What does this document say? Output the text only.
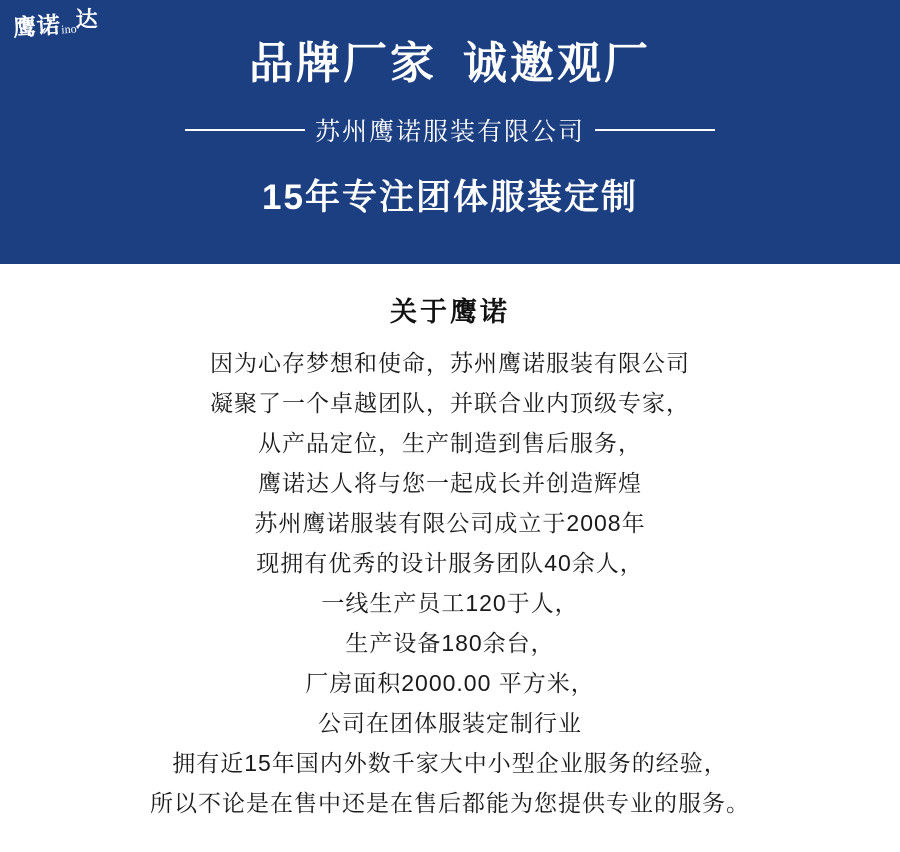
鹰诺ino达
品牌厂家 诚邀观厂
苏州鹰诺服装有限公司
15年专注团体服装定制
关于鹰诺
因为心存梦想和使命，苏州鹰诺服装有限公司
凝聚了一个卓越团队，并联合业内顶级专家，
从产品定位，生产制造到售后服务，
鹰诺达人将与您一起成长并创造辉煌
苏州鹰诺服装有限公司成立于2008年
现拥有优秀的设计服务团队40余人，
一线生产员工120于人，
生产设备180余台，
厂房面积2000.00 平方米，
公司在团体服装定制行业
拥有近15年国内外数千家大中小型企业服务的经验，
所以不论是在售中还是在售后都能为您提供专业的服务。
